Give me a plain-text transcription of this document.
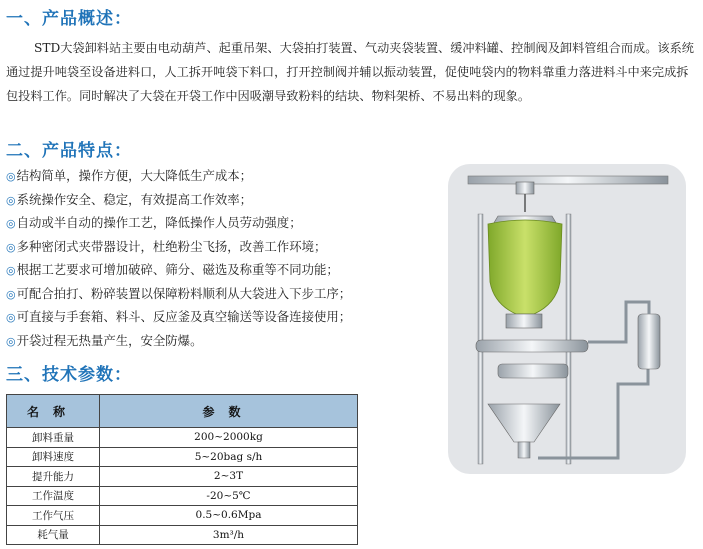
一、产品概述：

STD大袋卸料站主要由电动葫芦、起重吊架、大袋拍打装置、气动夹袋装置、缓冲料罐、控制阀及卸料管组合而成。该系统通过提升吨袋至设备进料口，人工拆开吨袋下料口，打开控制阀并辅以振动装置，促使吨袋内的物料靠重力落进料斗中来完成拆包投料工作。同时解决了大袋在开袋工作中因吸潮导致粉料的结块、物料架桥、不易出料的现象。

二、产品特点：
◎结构简单，操作方便，大大降低生产成本；
◎系统操作安全、稳定，有效提高工作效率；
◎自动或半自动的操作工艺，降低操作人员劳动强度；
◎多种密闭式夹带器设计，杜绝粉尘飞扬，改善工作环境；
◎根据工艺要求可增加破碎、筛分、磁选及称重等不同功能；
◎可配合拍打、粉碎装置以保障粉料顺利从大袋进入下步工序；
◎可直接与手套箱、料斗、反应釜及真空输送等设备连接使用；
◎开袋过程无热量产生，安全防爆。
三、技术参数：
名称	参数
卸料重量	200~2000kg
卸料速度	5~20bag s/h
提升能力	2~3T
工作温度	-20~5℃
工作气压	0.5~0.6Mpa
耗气量	3m³/h
